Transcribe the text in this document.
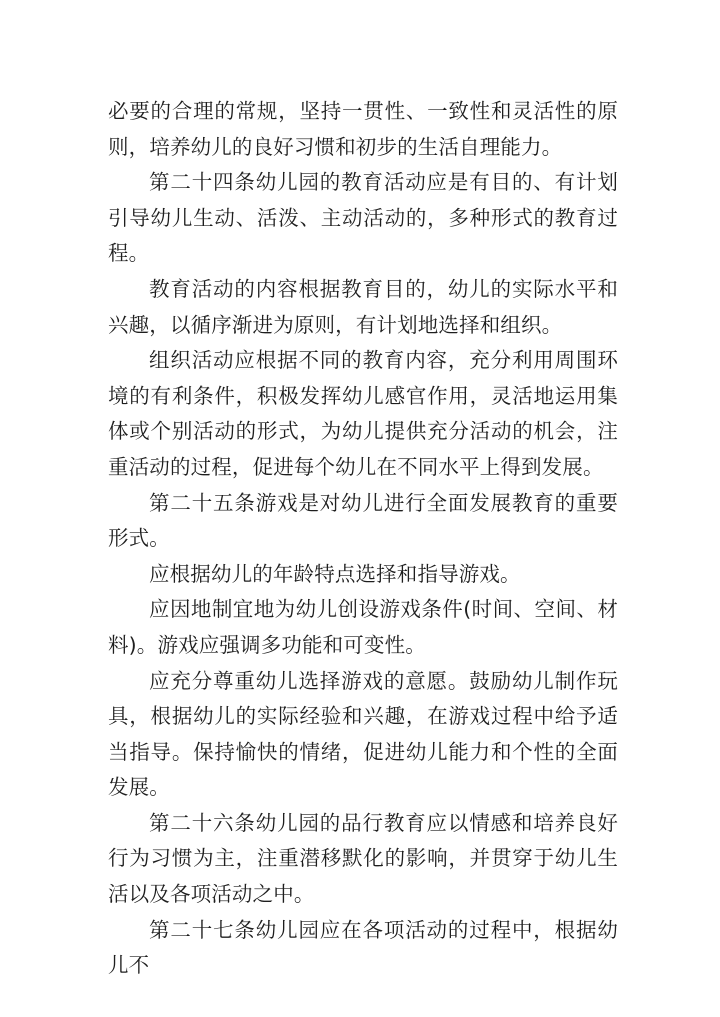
必要的合理的常规，坚持一贯性、一致性和灵活性的原则，培养幼儿的良好习惯和初步的生活自理能力。

第二十四条幼儿园的教育活动应是有目的、有计划引导幼儿生动、活泼、主动活动的，多种形式的教育过程。

教育活动的内容根据教育目的，幼儿的实际水平和兴趣，以循序渐进为原则，有计划地选择和组织。

组织活动应根据不同的教育内容，充分利用周围环境的有利条件，积极发挥幼儿感官作用，灵活地运用集体或个别活动的形式，为幼儿提供充分活动的机会，注重活动的过程，促进每个幼儿在不同水平上得到发展。

第二十五条游戏是对幼儿进行全面发展教育的重要形式。

应根据幼儿的年龄特点选择和指导游戏。

应因地制宜地为幼儿创设游戏条件(时间、空间、材料)。游戏应强调多功能和可变性。

应充分尊重幼儿选择游戏的意愿。鼓励幼儿制作玩具，根据幼儿的实际经验和兴趣，在游戏过程中给予适当指导。保持愉快的情绪，促进幼儿能力和个性的全面发展。

第二十六条幼儿园的品行教育应以情感和培养良好行为习惯为主，注重潜移默化的影响，并贯穿于幼儿生活以及各项活动之中。

第二十七条幼儿园应在各项活动的过程中，根据幼儿不
